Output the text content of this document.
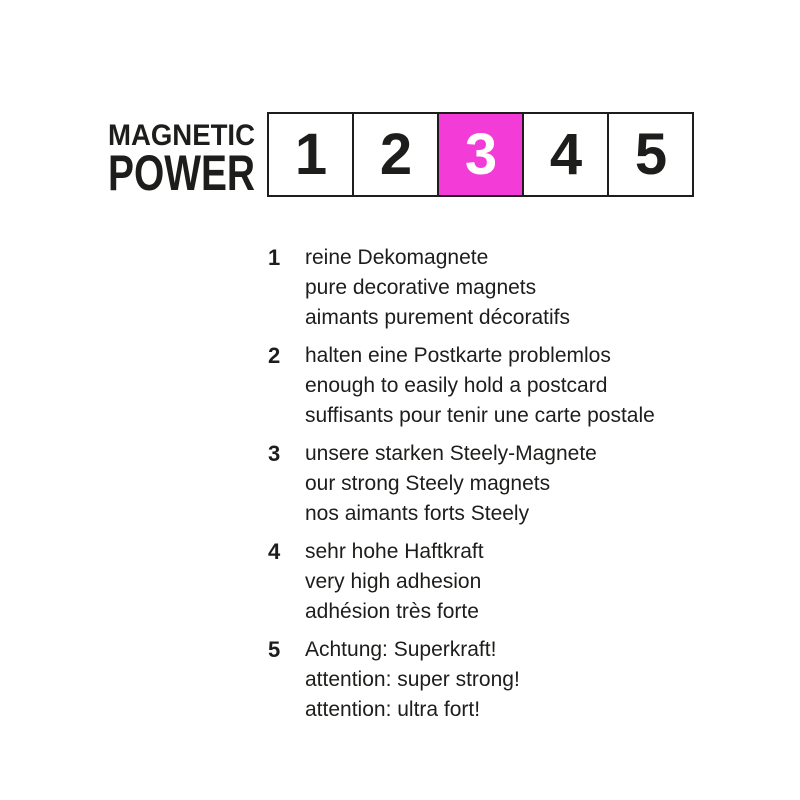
MAGNETIC
POWER 1 2 3 4 5
1	reine Dekomagnete
pure decorative magnets
aimants purement décoratifs
2	halten eine Postkarte problemlos
enough to easily hold a postcard
suffisants pour tenir une carte postale
3	unsere starken Steely-Magnete
our strong Steely magnets
nos aimants forts Steely
4	sehr hohe Haftkraft
very high adhesion
adhésion très forte
5	Achtung: Superkraft!
attention: super strong!
attention: ultra fort!
